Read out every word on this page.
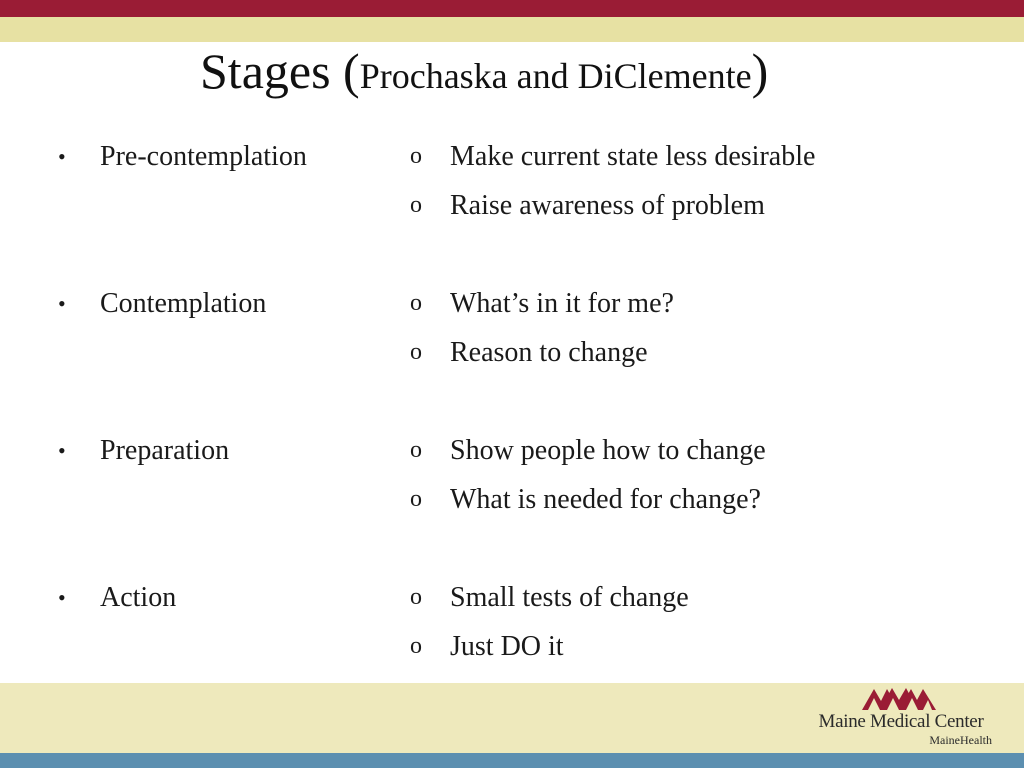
Stages (Prochaska and DiClemente)
• Pre-contemplation	o Make current state less desirable
o Raise awareness of problem
• Contemplation	o What’s in it for me?
o Reason to change
• Preparation	o Show people how to change
o What is needed for change?
• Action	o Small tests of change
o Just DO it
Maine Medical Center
MaineHealth
